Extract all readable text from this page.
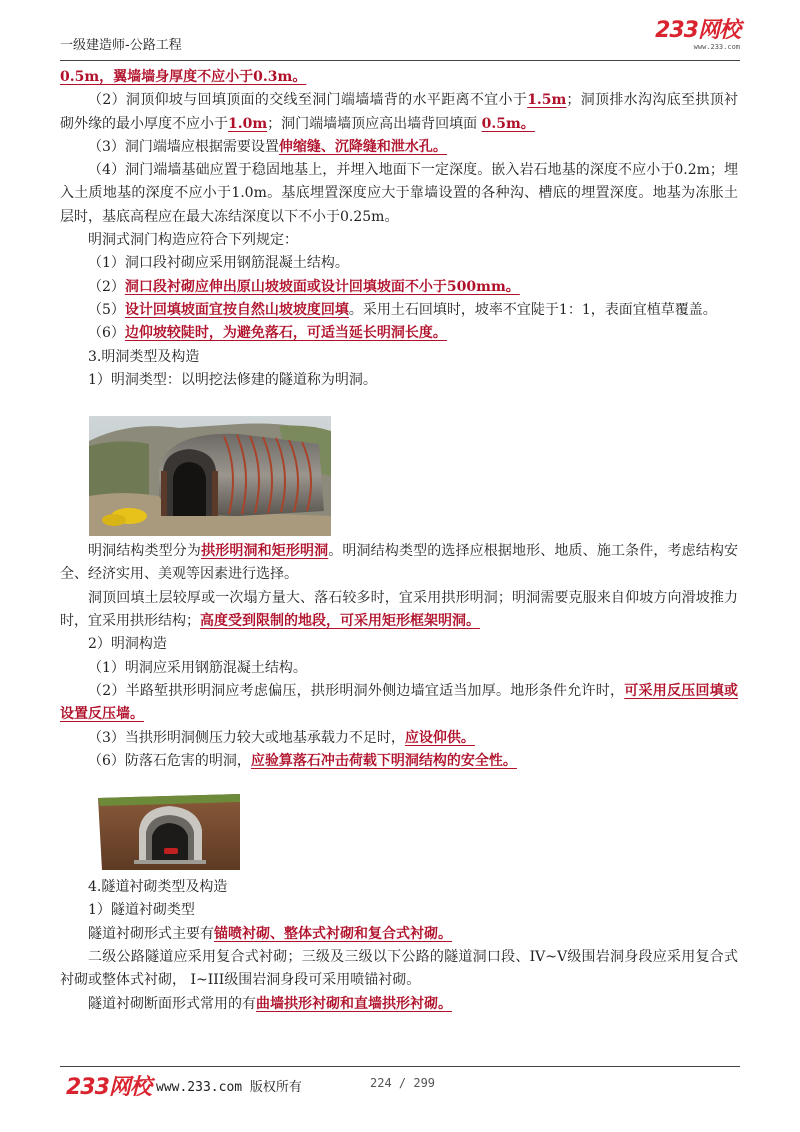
一级建造师-公路工程
233网校
www.233.com

0.5m，翼墙墙身厚度不应小于0.3m。

（2）洞顶仰坡与回填顶面的交线至洞门端墙墙背的水平距离不宜小于1.5m；洞顶排水沟沟底至拱顶衬砌外缘的最小厚度不应小于1.0m；洞门端墙墙顶应高出墙背回填面 0.5m。

（3）洞门端墙应根据需要设置伸缩缝、沉降缝和泄水孔。

（4）洞门端墙基础应置于稳固地基上，并埋入地面下一定深度。嵌入岩石地基的深度不应小于0.2m；埋入土质地基的深度不应小于1.0m。基底埋置深度应大于靠墙设置的各种沟、槽底的埋置深度。地基为冻胀土层时，基底高程应在最大冻结深度以下不小于0.25m。

明洞式洞门构造应符合下列规定：

（1）洞口段衬砌应采用钢筋混凝土结构。

（2）洞口段衬砌应伸出原山坡坡面或设计回填坡面不小于500mm。

（5）设计回填坡面宜按自然山坡坡度回填。采用土石回填时，坡率不宜陡于1：1，表面宜植草覆盖。

（6）边仰坡较陡时，为避免落石，可适当延长明洞长度。

3.明洞类型及构造

1）明洞类型：以明挖法修建的隧道称为明洞。

明洞结构类型分为拱形明洞和矩形明洞。明洞结构类型的选择应根据地形、地质、施工条件，考虑结构安全、经济实用、美观等因素进行选择。

洞顶回填土层较厚或一次塌方量大、落石较多时，宜采用拱形明洞；明洞需要克服来自仰坡方向滑坡推力时，宜采用拱形结构；高度受到限制的地段，可采用矩形框架明洞。

2）明洞构造

（1）明洞应采用钢筋混凝土结构。

（2）半路堑拱形明洞应考虑偏压，拱形明洞外侧边墙宜适当加厚。地形条件允许时，可采用反压回填或设置反压墙。

（3）当拱形明洞侧压力较大或地基承载力不足时，应设仰供。

（6）防落石危害的明洞，应验算落石冲击荷载下明洞结构的安全性。

4.隧道衬砌类型及构造

1）隧道衬砌类型

隧道衬砌形式主要有锚喷衬砌、整体式衬砌和复合式衬砌。

二级公路隧道应采用复合式衬砌；三级及三级以下公路的隧道洞口段、IV~V级围岩洞身段应采用复合式衬砌或整体式衬砌， I~III级围岩洞身段可采用喷锚衬砌。

隧道衬砌断面形式常用的有曲墙拱形衬砌和直墙拱形衬砌。

233网校 www.233.com 版权所有	224 / 299
